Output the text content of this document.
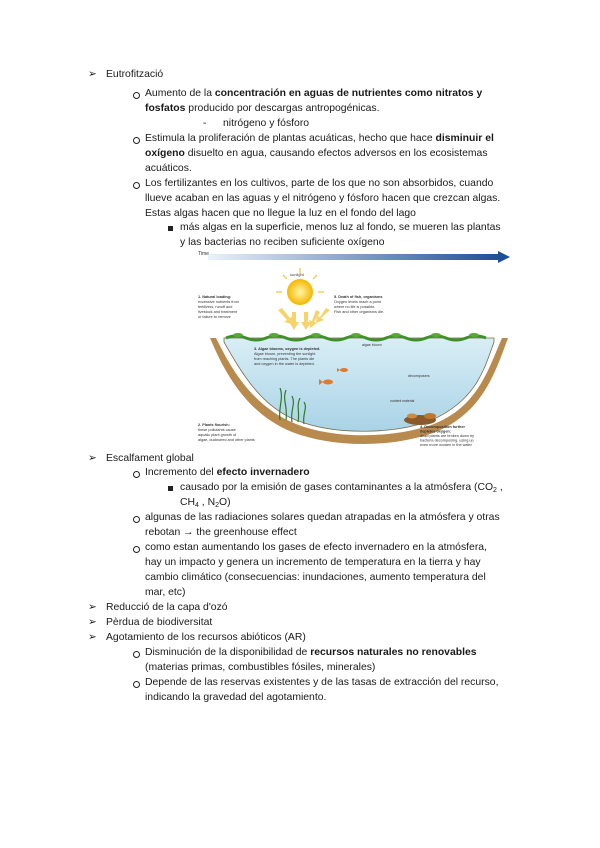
➢ Eutrofització
Aumento de la concentración en aguas de nutrientes como nitratos y
fosfatos producido por descargas antropogénicas.
- nitrógeno y fósforo
Estimula la proliferación de plantas acuáticas, hecho que hace disminuir el
oxígeno disuelto en agua, causando efectos adversos en los ecosistemas
acuáticos.
Los fertilizantes en los cultivos, parte de los que no son absorbidos, cuando
llueve acaban en las aguas y el nitrógeno y fósforo hacen que crezcan algas.
Estas algas hacen que no llegue la luz en el fondo del lago
más algas en la superficie, menos luz al fondo, se mueren las plantas
y las bacterias no reciben suficiente oxígeno
Time
sunlight
algae bloom
decomposers
nutrient material
1. Natural loading:
excessive nutrients from
fertilizers, runoff and
livestock and treatment
or failure to remove
5. Death of fish, organisms
Oxygen levels reach a point
where no life is possible.
Fish and other organisms die.
3. Algae blooms, oxygen is depleted.
Algae bloom, preventing the sunlight
from reaching plants. The plants die
and oxygen in the water is depleted.
2. Plants flourish:
these pollutants cause
aquatic plant growth of
algae, duckweed and other plants
4. Decomposition further
depletes oxygen:
dead plants are broken down by
bacteria decomposing, using up
even more oxygen in the water
➢ Escalfament global
Incremento del efecto invernadero
causado por la emisión de gases contaminantes a la atmósfera ($CO_2$ ,
$CH_4$ , $N_2O$)
algunas de las radiaciones solares quedan atrapadas en la atmósfera y otras
rebotan → the greenhouse effect
como estan aumentando los gases de efecto invernadero en la atmósfera,
hay un impacto y genera un incremento de temperatura en la tierra y hay
cambio climático (consecuencias: inundaciones, aumento temperatura del
mar, etc)
➢ Reducció de la capa d'ozó
➢ Pèrdua de biodiversitat
➢ Agotamiento de los recursos abióticos (AR)
Disminución de la disponibilidad de recursos naturales no renovables
(materias primas, combustibles fósiles, minerales)
Depende de las reservas existentes y de las tasas de extracción del recurso,
indicando la gravedad del agotamiento.
